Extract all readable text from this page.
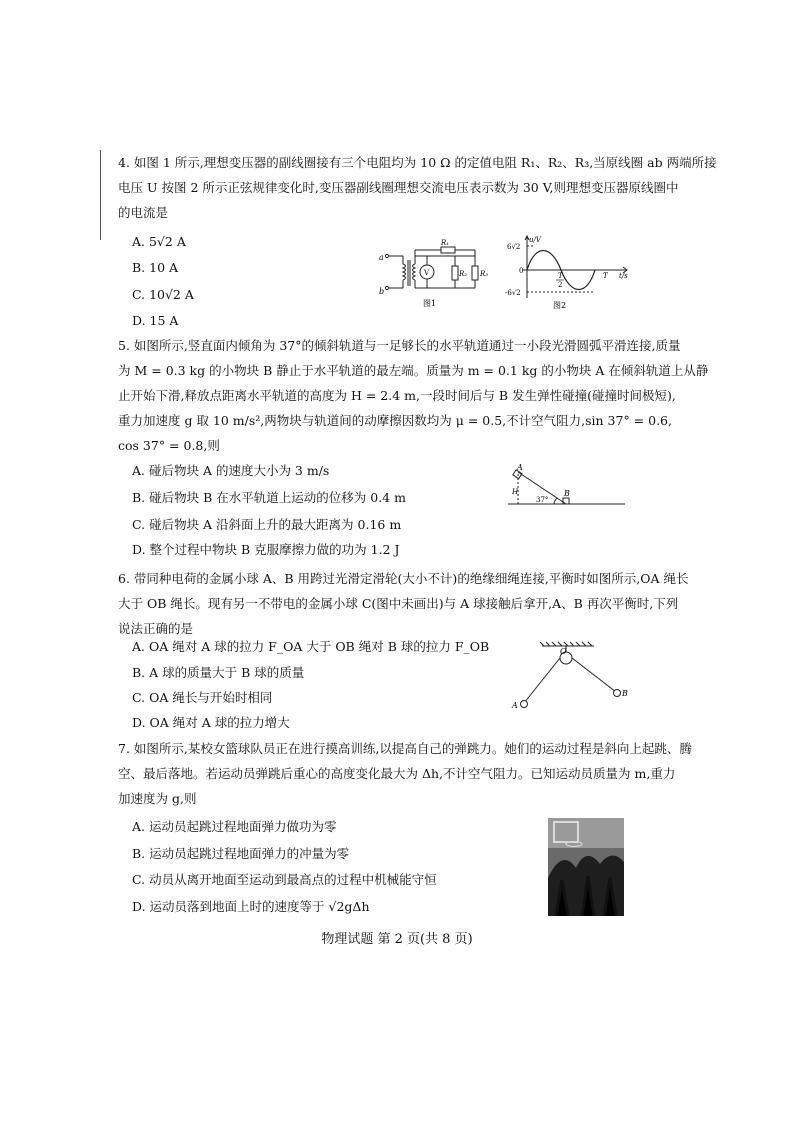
4. 如图 1 所示,理想变压器的副线圈接有三个电阻均为 10 Ω 的定值电阻 R₁、R₂、R₃,当原线圈 ab 两端所接
电压 U 按图 2 所示正弦规律变化时,变压器副线圈理想交流电压表示数为 30 V,则理想变压器原线圈中
的电流是
A. 5√2 A
B. 10 A
C. 10√2 A
D. 15 A
a
b
V
R₁
R₂ R₃
图1
u/V
6√2
0
-6√2
T
2
T t/s
图2
5. 如图所示,竖直面内倾角为 37°的倾斜轨道与一足够长的水平轨道通过一小段光滑圆弧平滑连接,质量
为 M = 0.3 kg 的小物块 B 静止于水平轨道的最左端。质量为 m = 0.1 kg 的小物块 A 在倾斜轨道上从静
止开始下滑,释放点距离水平轨道的高度为 H = 2.4 m,一段时间后与 B 发生弹性碰撞(碰撞时间极短),
重力加速度 g 取 10 m/s²,两物块与轨道间的动摩擦因数均为 μ = 0.5,不计空气阻力,sin 37° = 0.6,
cos 37° = 0.8,则
A. 碰后物块 A 的速度大小为 3 m/s
B. 碰后物块 B 在水平轨道上运动的位移为 0.4 m
C. 碰后物块 A 沿斜面上升的最大距离为 0.16 m
D. 整个过程中物块 B 克服摩擦力做的功为 1.2 J
A
H
37°
B
6. 带同种电荷的金属小球 A、B 用跨过光滑定滑轮(大小不计)的绝缘细绳连接,平衡时如图所示,OA 绳长
大于 OB 绳长。现有另一不带电的金属小球 C(图中未画出)与 A 球接触后拿开,A、B 再次平衡时,下列
说法正确的是
A. OA 绳对 A 球的拉力 F_OA 大于 OB 绳对 B 球的拉力 F_OB
B. A 球的质量大于 B 球的质量
C. OA 绳长与开始时相同
D. OA 绳对 A 球的拉力增大
O
A
B
7. 如图所示,某校女篮球队员正在进行摸高训练,以提高自己的弹跳力。她们的运动过程是斜向上起跳、腾
空、最后落地。若运动员弹跳后重心的高度变化最大为 Δh,不计空气阻力。已知运动员质量为 m,重力
加速度为 g,则
A. 运动员起跳过程地面弹力做功为零
B. 运动员起跳过程地面弹力的冲量为零
C. 动员从离开地面至运动到最高点的过程中机械能守恒
D. 运动员落到地面上时的速度等于 √2gΔh
物理试题 第 2 页(共 8 页)
